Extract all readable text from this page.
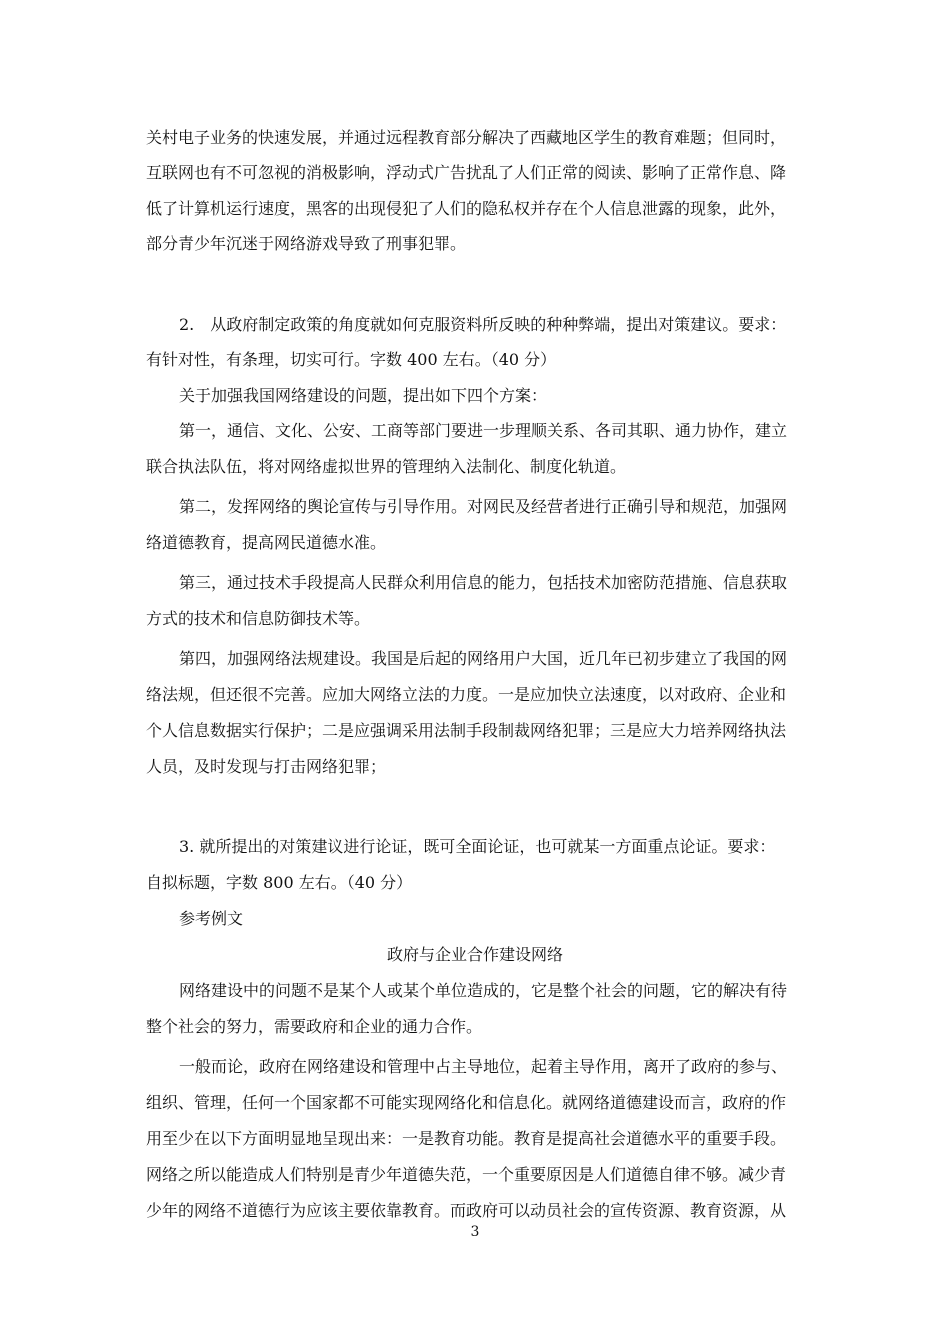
关村电子业务的快速发展，并通过远程教育部分解决了西藏地区学生的教育难题；但同时，
互联网也有不可忽视的消极影响，浮动式广告扰乱了人们正常的阅读、影响了正常作息、降
低了计算机运行速度，黑客的出现侵犯了人们的隐私权并存在个人信息泄露的现象，此外，
部分青少年沉迷于网络游戏导致了刑事犯罪。
2.　从政府制定政策的角度就如何克服资料所反映的种种弊端，提出对策建议。要求：
有针对性，有条理，切实可行。字数 400 左右。（40 分）
关于加强我国网络建设的问题，提出如下四个方案：
第一，通信、文化、公安、工商等部门要进一步理顺关系、各司其职、通力协作，建立
联合执法队伍，将对网络虚拟世界的管理纳入法制化、制度化轨道。
第二，发挥网络的舆论宣传与引导作用。对网民及经营者进行正确引导和规范，加强网
络道德教育，提高网民道德水准。
第三，通过技术手段提高人民群众利用信息的能力，包括技术加密防范措施、信息获取
方式的技术和信息防御技术等。
第四，加强网络法规建设。我国是后起的网络用户大国，近几年已初步建立了我国的网
络法规，但还很不完善。应加大网络立法的力度。一是应加快立法速度，以对政府、企业和
个人信息数据实行保护；二是应强调采用法制手段制裁网络犯罪；三是应大力培养网络执法
人员，及时发现与打击网络犯罪；
3. 就所提出的对策建议进行论证，既可全面论证，也可就某一方面重点论证。要求：
自拟标题，字数 800 左右。（40 分）
参考例文
政府与企业合作建设网络
网络建设中的问题不是某个人或某个单位造成的，它是整个社会的问题，它的解决有待
整个社会的努力，需要政府和企业的通力合作。
一般而论，政府在网络建设和管理中占主导地位，起着主导作用，离开了政府的参与、
组织、管理，任何一个国家都不可能实现网络化和信息化。就网络道德建设而言，政府的作
用至少在以下方面明显地呈现出来：一是教育功能。教育是提高社会道德水平的重要手段。
网络之所以能造成人们特别是青少年道德失范，一个重要原因是人们道德自律不够。减少青
少年的网络不道德行为应该主要依靠教育。而政府可以动员社会的宣传资源、教育资源，从
3
